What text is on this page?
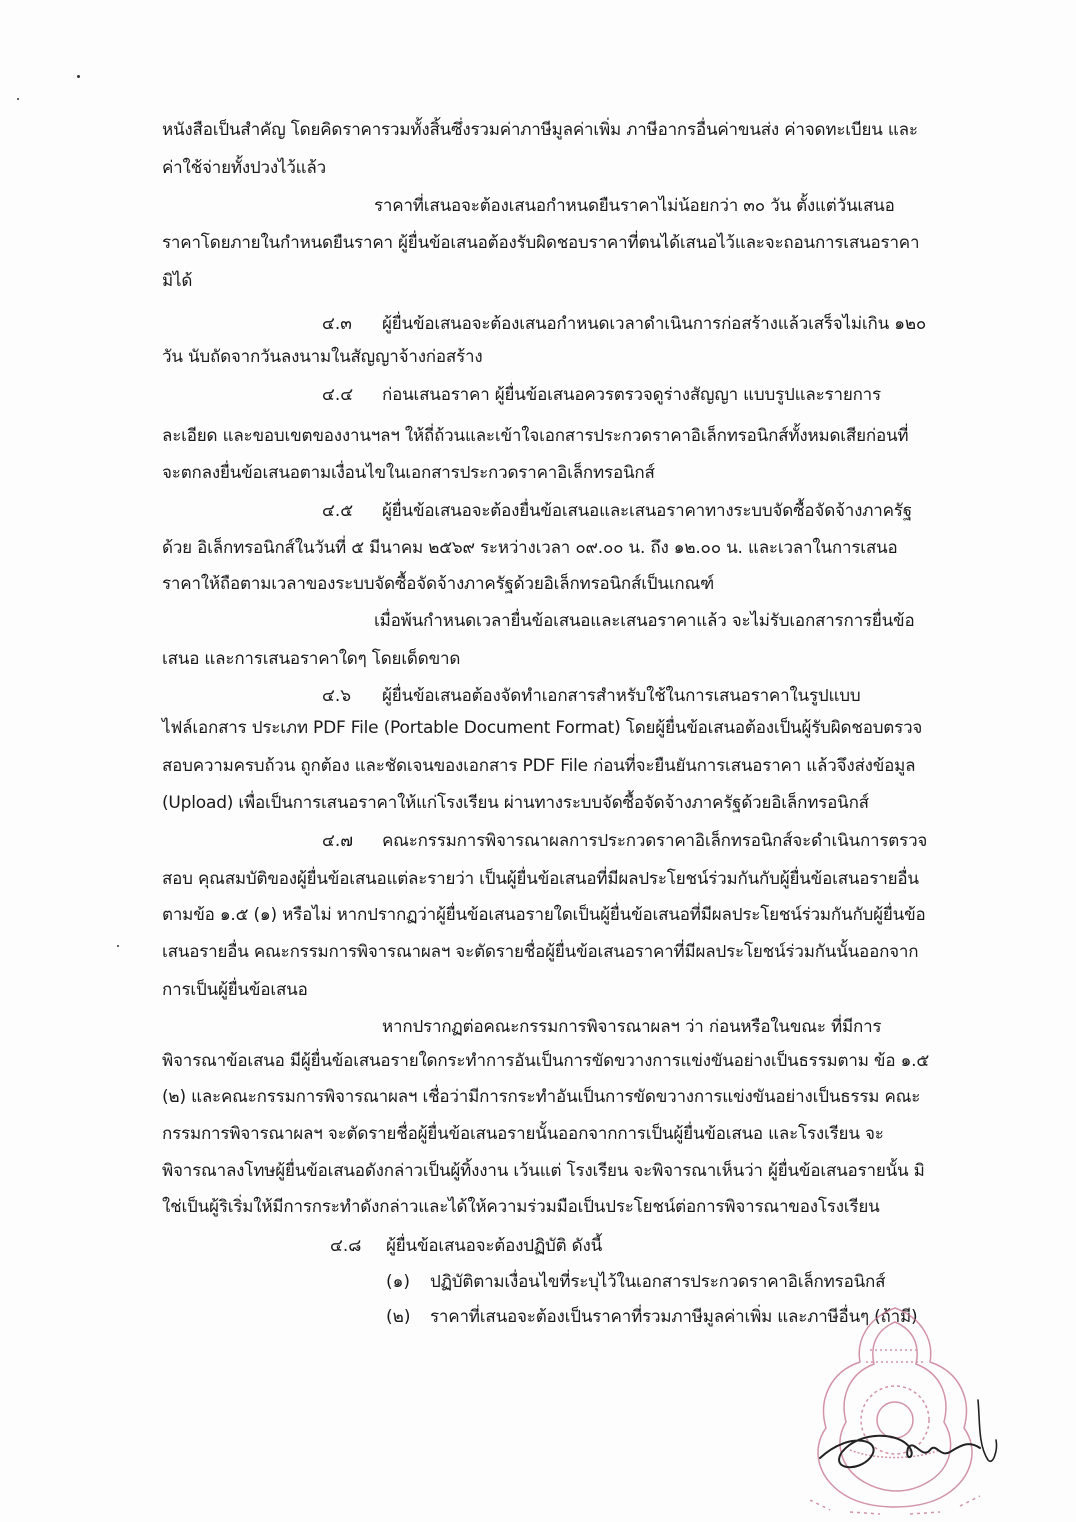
หนังสือเป็นสำคัญ โดยคิดราคารวมทั้งสิ้นซึ่งรวมค่าภาษีมูลค่าเพิ่ม ภาษีอากรอื่นค่าขนส่ง ค่าจดทะเบียน และ
ค่าใช้จ่ายทั้งปวงไว้แล้ว
ราคาที่เสนอจะต้องเสนอกำหนดยืนราคาไม่น้อยกว่า ๓๐ วัน ตั้งแต่วันเสนอ
ราคาโดยภายในกำหนดยืนราคา ผู้ยื่นข้อเสนอต้องรับผิดชอบราคาที่ตนได้เสนอไว้และจะถอนการเสนอราคา
มิได้
๔.๓ ผู้ยื่นข้อเสนอจะต้องเสนอกำหนดเวลาดำเนินการก่อสร้างแล้วเสร็จไม่เกิน ๑๒๐
วัน นับถัดจากวันลงนามในสัญญาจ้างก่อสร้าง
๔.๔ ก่อนเสนอราคา ผู้ยื่นข้อเสนอควรตรวจดูร่างสัญญา แบบรูปและรายการ
ละเอียด และขอบเขตของงานฯลฯ ให้ถี่ถ้วนและเข้าใจเอกสารประกวดราคาอิเล็กทรอนิกส์ทั้งหมดเสียก่อนที่
จะตกลงยื่นข้อเสนอตามเงื่อนไขในเอกสารประกวดราคาอิเล็กทรอนิกส์
๔.๕ ผู้ยื่นข้อเสนอจะต้องยื่นข้อเสนอและเสนอราคาทางระบบจัดซื้อจัดจ้างภาครัฐ
ด้วย อิเล็กทรอนิกส์ในวันที่ ๕ มีนาคม ๒๕๖๙ ระหว่างเวลา ๐๙.๐๐ น. ถึง ๑๒.๐๐ น. และเวลาในการเสนอ
ราคาให้ถือตามเวลาของระบบจัดซื้อจัดจ้างภาครัฐด้วยอิเล็กทรอนิกส์เป็นเกณฑ์
เมื่อพ้นกำหนดเวลายื่นข้อเสนอและเสนอราคาแล้ว จะไม่รับเอกสารการยื่นข้อ
เสนอ และการเสนอราคาใดๆ โดยเด็ดขาด
๔.๖ ผู้ยื่นข้อเสนอต้องจัดทำเอกสารสำหรับใช้ในการเสนอราคาในรูปแบบ
ไฟล์เอกสาร ประเภท PDF File (Portable Document Format) โดยผู้ยื่นข้อเสนอต้องเป็นผู้รับผิดชอบตรวจ
สอบความครบถ้วน ถูกต้อง และชัดเจนของเอกสาร PDF File ก่อนที่จะยืนยันการเสนอราคา แล้วจึงส่งข้อมูล
(Upload) เพื่อเป็นการเสนอราคาให้แก่โรงเรียน ผ่านทางระบบจัดซื้อจัดจ้างภาครัฐด้วยอิเล็กทรอนิกส์
๔.๗ คณะกรรมการพิจารณาผลการประกวดราคาอิเล็กทรอนิกส์จะดำเนินการตรวจ
สอบ คุณสมบัติของผู้ยื่นข้อเสนอแต่ละรายว่า เป็นผู้ยื่นข้อเสนอที่มีผลประโยชน์ร่วมกันกับผู้ยื่นข้อเสนอรายอื่น
ตามข้อ ๑.๕ (๑) หรือไม่ หากปรากฏว่าผู้ยื่นข้อเสนอรายใดเป็นผู้ยื่นข้อเสนอที่มีผลประโยชน์ร่วมกันกับผู้ยื่นข้อ
เสนอรายอื่น คณะกรรมการพิจารณาผลฯ จะตัดรายชื่อผู้ยื่นข้อเสนอราคาที่มีผลประโยชน์ร่วมกันนั้นออกจาก
การเป็นผู้ยื่นข้อเสนอ
หากปรากฏต่อคณะกรรมการพิจารณาผลฯ ว่า ก่อนหรือในขณะ ที่มีการ
พิจารณาข้อเสนอ มีผู้ยื่นข้อเสนอรายใดกระทำการอันเป็นการขัดขวางการแข่งขันอย่างเป็นธรรมตาม ข้อ ๑.๕
(๒) และคณะกรรมการพิจารณาผลฯ เชื่อว่ามีการกระทำอันเป็นการขัดขวางการแข่งขันอย่างเป็นธรรม คณะ
กรรมการพิจารณาผลฯ จะตัดรายชื่อผู้ยื่นข้อเสนอรายนั้นออกจากการเป็นผู้ยื่นข้อเสนอ และโรงเรียน จะ
พิจารณาลงโทษผู้ยื่นข้อเสนอดังกล่าวเป็นผู้ทิ้งงาน เว้นแต่ โรงเรียน จะพิจารณาเห็นว่า ผู้ยื่นข้อเสนอรายนั้น มิ
ใช่เป็นผู้ริเริ่มให้มีการกระทำดังกล่าวและได้ให้ความร่วมมือเป็นประโยชน์ต่อการพิจารณาของโรงเรียน
๔.๘ ผู้ยื่นข้อเสนอจะต้องปฏิบัติ ดังนี้
(๑) ปฏิบัติตามเงื่อนไขที่ระบุไว้ในเอกสารประกวดราคาอิเล็กทรอนิกส์
(๒) ราคาที่เสนอจะต้องเป็นราคาที่รวมภาษีมูลค่าเพิ่ม และภาษีอื่นๆ (ถ้ามี)
